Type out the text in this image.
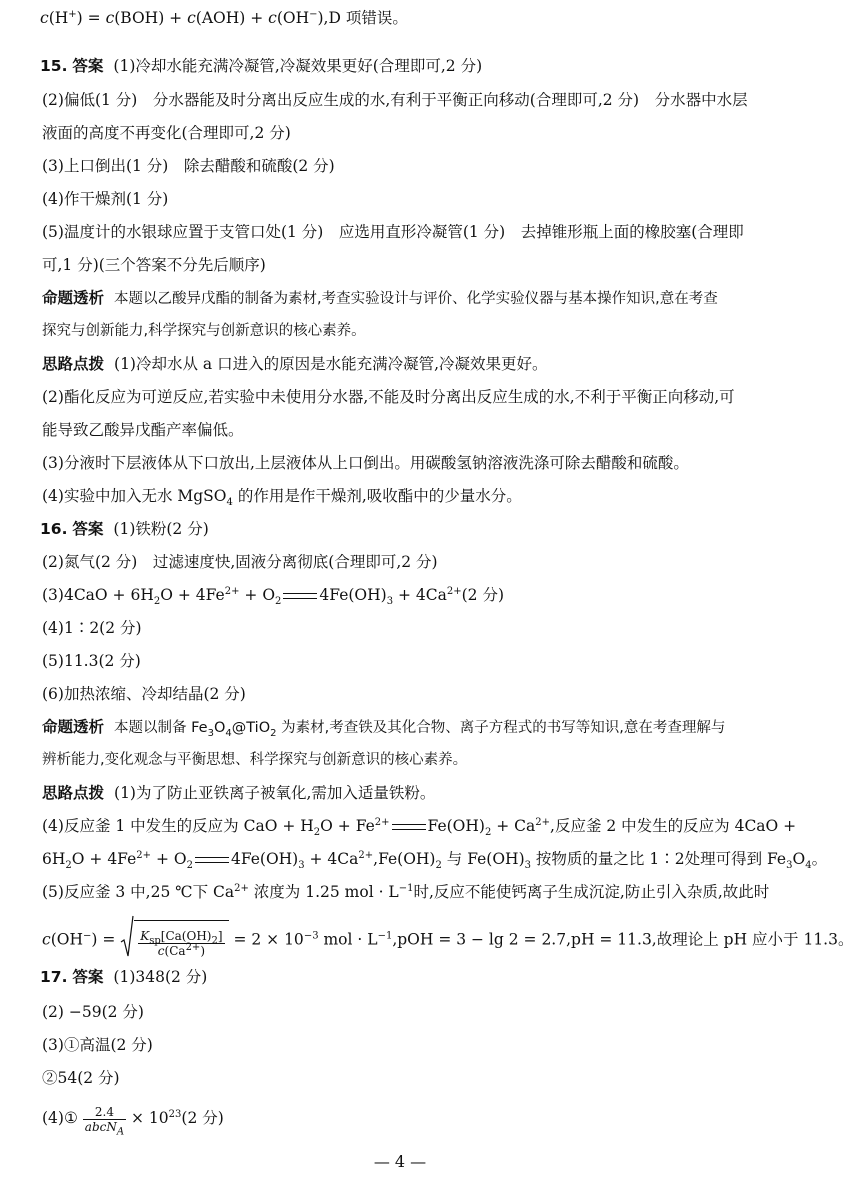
c(H+) = c(BOH) + c(AOH) + c(OH−),D 项错误。
15. 答案 (1)冷却水能充满冷凝管,冷凝效果更好(合理即可,2 分)
(2)偏低(1 分)　分水器能及时分离出反应生成的水,有利于平衡正向移动(合理即可,2 分)　分水器中水层
液面的高度不再变化(合理即可,2 分)
(3)上口倒出(1 分)　除去醋酸和硫酸(2 分)
(4)作干燥剂(1 分)
(5)温度计的水银球应置于支管口处(1 分)　应选用直形冷凝管(1 分)　去掉锥形瓶上面的橡胶塞(合理即
可,1 分)(三个答案不分先后顺序)
命题透析 本题以乙酸异戊酯的制备为素材,考查实验设计与评价、化学实验仪器与基本操作知识,意在考查
探究与创新能力,科学探究与创新意识的核心素养。
思路点拨 (1)冷却水从 a 口进入的原因是水能充满冷凝管,冷凝效果更好。
(2)酯化反应为可逆反应,若实验中未使用分水器,不能及时分离出反应生成的水,不利于平衡正向移动,可
能导致乙酸异戊酯产率偏低。
(3)分液时下层液体从下口放出,上层液体从上口倒出。用碳酸氢钠溶液洗涤可除去醋酸和硫酸。
(4)实验中加入无水 MgSO$_4$ 的作用是作干燥剂,吸收酯中的少量水分。
16. 答案 (1)铁粉(2 分)
(2)氮气(2 分)　过滤速度快,固液分离彻底(合理即可,2 分)
$(3)4CaO + 6H_2O + 4Fe^{2+} + O_2$ $4Fe(OH)_3 + 4Ca^{2+}(2$ 分)
(4)1∶2(2 分)
(5)11.3(2 分)
(6)加热浓缩、冷却结晶(2 分)
命题透析 本题以制备 $Fe_3O_4@TiO_2$ 为素材,考查铁及其化合物、离子方程式的书写等知识,意在考查理解与
辨析能力,变化观念与平衡思想、科学探究与创新意识的核心素养。
思路点拨 (1)为了防止亚铁离子被氧化,需加入适量铁粉。
(4)反应釜 1 中发生的反应为 CaO + $H_2O + Fe^{2+}$ $Fe(OH)_2 + Ca^{2+}$,反应釜 2 中发生的反应为 4CaO +
$6H_2O + 4Fe^{2+} + O_2$ $4Fe(OH)_3 + 4Ca^{2+},Fe(OH)_2$ 与 $Fe(OH)_3$ 按物质的量之比 1∶2处理可得到 $Fe_3O_4$。
(5)反应釜 3 中,25 ℃下 $Ca^{2+}$ 浓度为 1.25 mol · $L^{-1}$时,反应不能使钙离子生成沉淀,防止引入杂质,故此时
$c(OH^-) = \frac{K_{sp}[Ca(OH)_2]}{c(Ca^{2+})} = 2 \times 10^{-3}$ mol · $L^{-1},pOH = 3 - \lg 2 = 2.7,pH = 11.3$,故理论上 pH 应小于 11.3。
17. 答案 (1)348(2 分)
(2) −59(2 分)
(3)①高温(2 分)
②54(2 分)
(4)① $\frac{2.4}{abcN_A} \times 10^{23}(2$ 分)
— 4 —
